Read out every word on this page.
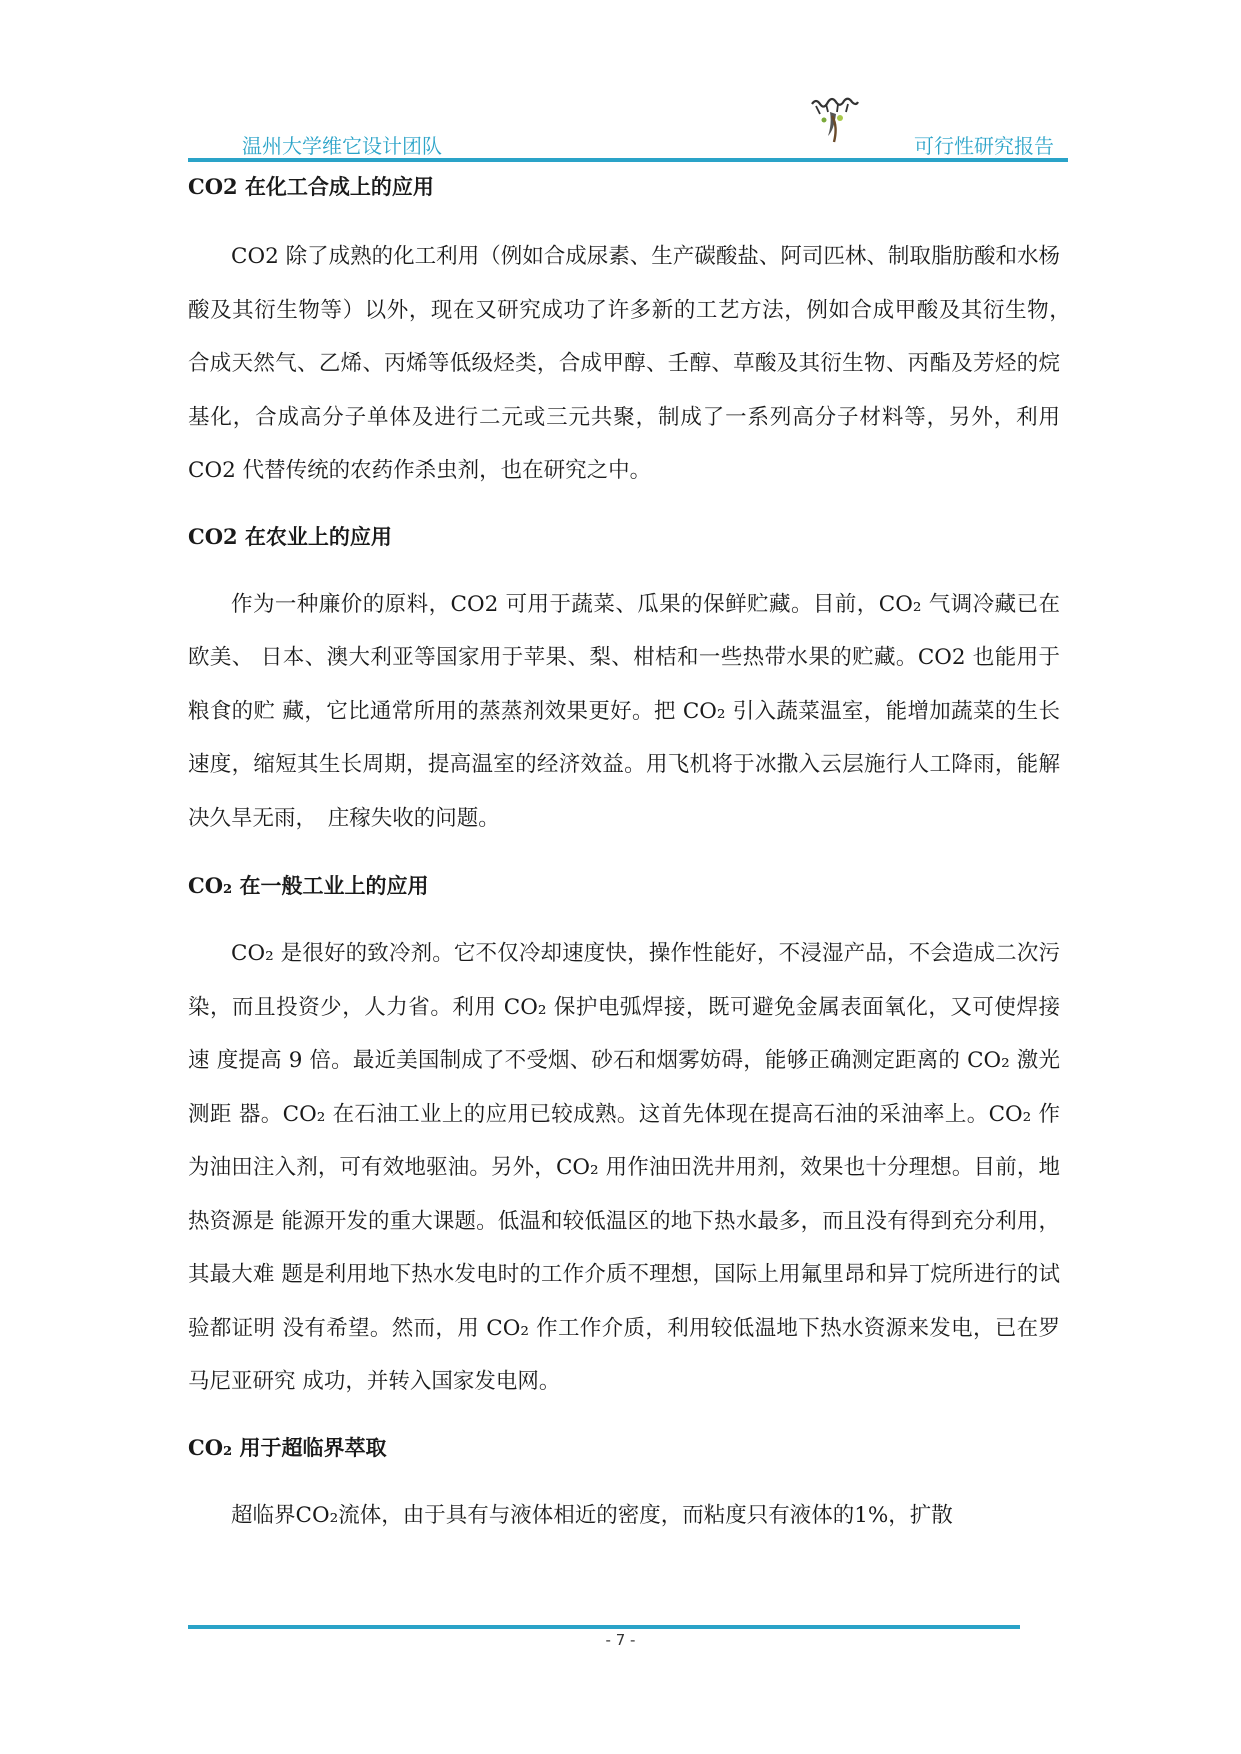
温州大学维它设计团队	可行性研究报告
CO2 在化工合成上的应用

CO2 除了成熟的化工利用（例如合成尿素、生产碳酸盐、阿司匹林、制取脂肪酸和水杨 酸及其衍生物等）以外，现在又研究成功了许多新的工艺方法，例如合成甲酸及其衍生物，　合成天然气、乙烯、丙烯等低级烃类，合成甲醇、壬醇、草酸及其衍生物、丙酯及芳烃的烷 基化，合成高分子单体及进行二元或三元共聚，制成了一系列高分子材料等，另外，利用 CO2 代替传统的农药作杀虫剂，也在研究之中。

CO2 在农业上的应用

作为一种廉价的原料，CO2 可用于蔬菜、瓜果的保鲜贮藏。目前，CO₂ 气调冷藏已在欧美、 日本、澳大利亚等国家用于苹果、梨、柑桔和一些热带水果的贮藏。CO2 也能用于粮食的贮 藏，它比通常所用的蒸蒸剂效果更好。把 CO₂ 引入蔬菜温室，能增加蔬菜的生长速度，缩短其生长周期，提高温室的经济效益。用飞机将于冰撒入云层施行人工降雨，能解决久旱无雨，　庄稼失收的问题。

CO₂ 在一般工业上的应用

CO₂ 是很好的致冷剂。它不仅冷却速度快，操作性能好，不浸湿产品，不会造成二次污 染，而且投资少，人力省。利用 CO₂ 保护电弧焊接，既可避免金属表面氧化，又可使焊接速 度提高 9 倍。最近美国制成了不受烟、砂石和烟雾妨碍，能够正确测定距离的 CO₂ 激光测距 器。CO₂ 在石油工业上的应用已较成熟。这首先体现在提高石油的采油率上。CO₂ 作为油田注入剂，可有效地驱油。另外，CO₂ 用作油田洗井用剂，效果也十分理想。目前，地热资源是 能源开发的重大课题。低温和较低温区的地下热水最多，而且没有得到充分利用，其最大难 题是利用地下热水发电时的工作介质不理想，国际上用氟里昂和异丁烷所进行的试验都证明 没有希望。然而，用 CO₂ 作工作介质，利用较低温地下热水资源来发电，已在罗马尼亚研究 成功，并转入国家发电网。

CO₂ 用于超临界萃取

超临界CO₂流体，由于具有与液体相近的密度，而粘度只有液体的1%，扩散

- 7 -
